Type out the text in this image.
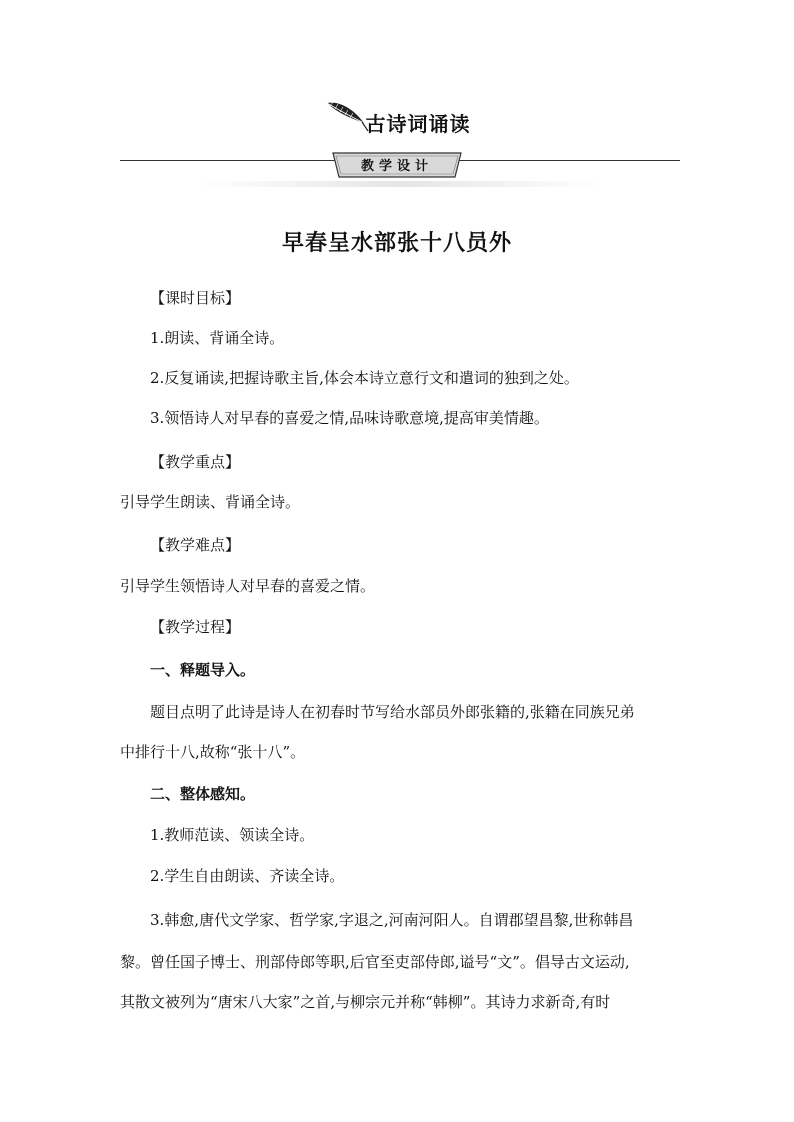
古诗词诵读
教学设计
早春呈水部张十八员外
【课时目标】
1.朗读、背诵全诗。
2.反复诵读,把握诗歌主旨,体会本诗立意行文和遣词的独到之处。
3.领悟诗人对早春的喜爱之情,品味诗歌意境,提高审美情趣。
【教学重点】
引导学生朗读、背诵全诗。
【教学难点】
引导学生领悟诗人对早春的喜爱之情。
【教学过程】
一、释题导入。
题目点明了此诗是诗人在初春时节写给水部员外郎张籍的,张籍在同族兄弟
中排行十八,故称“张十八”。
二、整体感知。
1.教师范读、领读全诗。
2.学生自由朗读、齐读全诗。
3.韩愈,唐代文学家、哲学家,字退之,河南河阳人。自谓郡望昌黎,世称韩昌
黎。曾任国子博士、刑部侍郎等职,后官至吏部侍郎,谥号“文”。倡导古文运动,
其散文被列为“唐宋八大家”之首,与柳宗元并称“韩柳”。其诗力求新奇,有时
